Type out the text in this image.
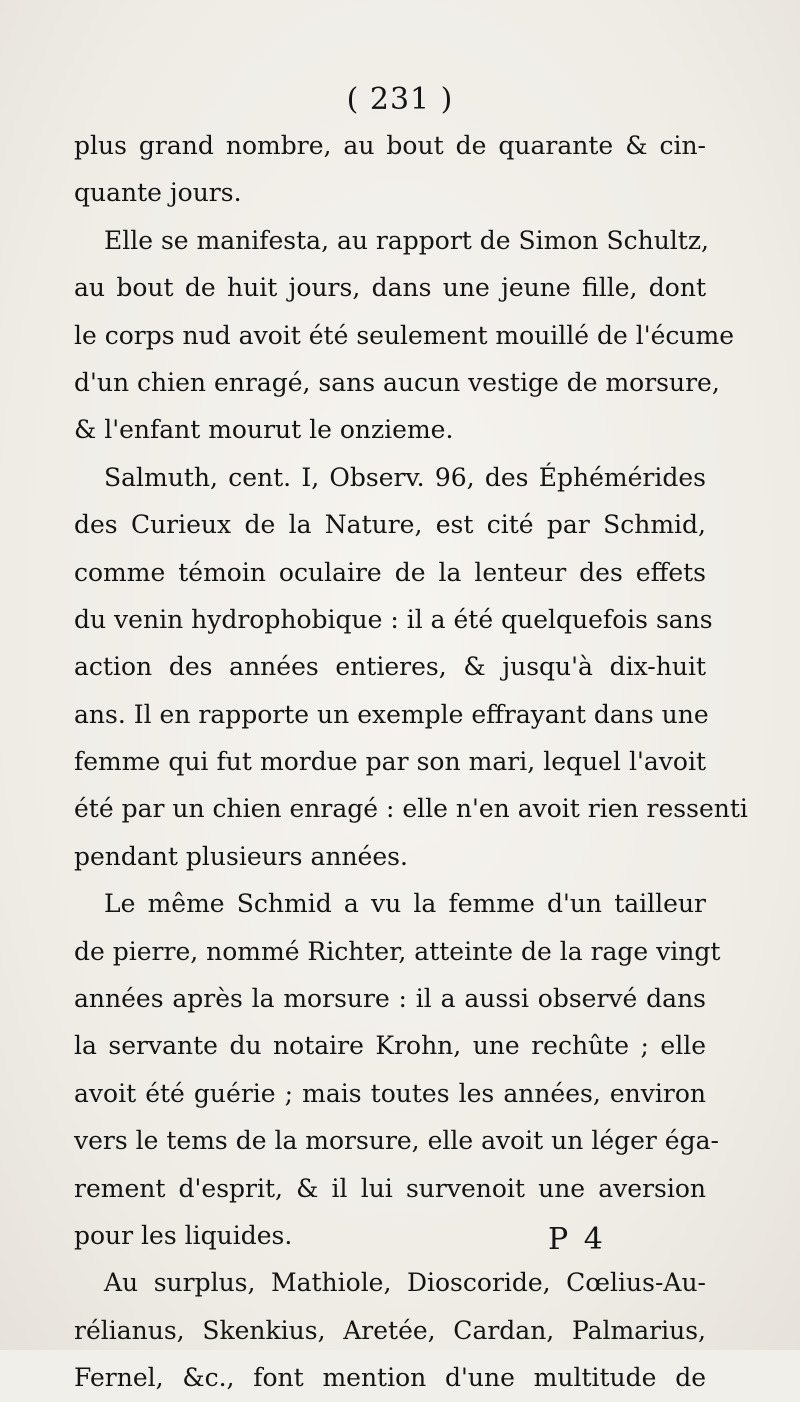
( 231 )
plus grand nombre, au bout de quarante & cin-
quante jours.
Elle se manifesta, au rapport de Simon Schultz,
au bout de huit jours, dans une jeune fille, dont
le corps nud avoit été seulement mouillé de l'écume
d'un chien enragé, sans aucun vestige de morsure,
& l'enfant mourut le onzieme.
Salmuth, cent. I, Observ. 96, des Éphémérides
des Curieux de la Nature, est cité par Schmid,
comme témoin oculaire de la lenteur des effets
du venin hydrophobique : il a été quelquefois sans
action des années entieres, & jusqu'à dix-huit
ans. Il en rapporte un exemple effrayant dans une
femme qui fut mordue par son mari, lequel l'avoit
été par un chien enragé : elle n'en avoit rien ressenti
pendant plusieurs années.
Le même Schmid a vu la femme d'un tailleur
de pierre, nommé Richter, atteinte de la rage vingt
années après la morsure : il a aussi observé dans
la servante du notaire Krohn, une rechûte ; elle
avoit été guérie ; mais toutes les années, environ
vers le tems de la morsure, elle avoit un léger éga-
rement d'esprit, & il lui survenoit une aversion
pour les liquides.
Au surplus, Mathiole, Dioscoride, Cœlius-Au-
rélianus, Skenkius, Aretée, Cardan, Palmarius,
Fernel, &c., font mention d'une multitude de
P 4
